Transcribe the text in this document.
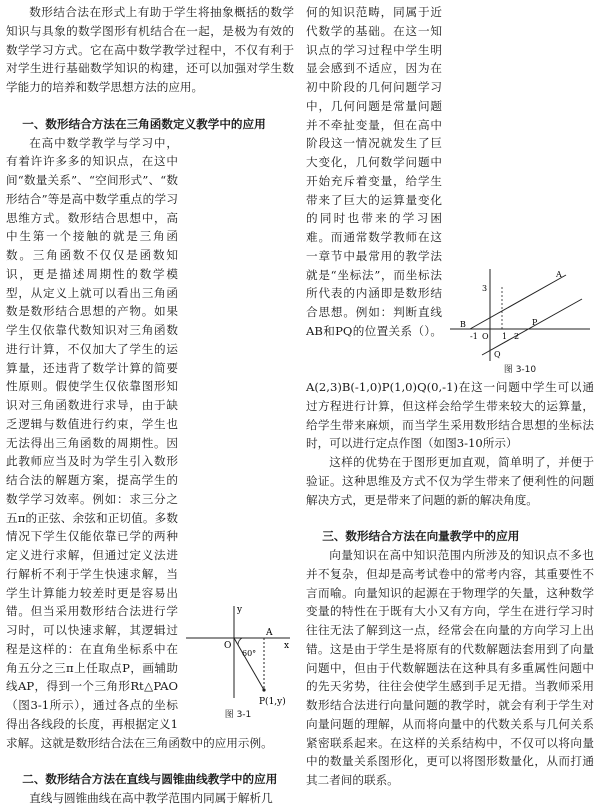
数形结合法在形式上有助于学生将抽象概括的数学知识与具象的数学图形有机结合在一起，是极为有效的数学学习方式。它在高中数学教学过程中，不仅有利于对学生进行基础数学知识的构建，还可以加强对学生数学能力的培养和数学思想方法的应用。

一、数形结合方法在三角函数定义教学中的应用
y
x
O
A
60°
P(1,y)
图 3-1

在高中数学教学与学习中，有着许许多多的知识点，在这中间“数量关系”、“空间形式”、“数形结合”等是高中数学重点的学习思维方式。数形结合思想中，高中生第一个接触的就是三角函数。三角函数不仅仅是函数知识，更是描述周期性的数学模型，从定义上就可以看出三角函数是数形结合思想的产物。如果学生仅依靠代数知识对三角函数进行计算，不仅加大了学生的运算量，还违背了数学计算的简要性原则。假使学生仅依靠图形知识对三角函数进行求导，由于缺乏逻辑与数值进行约束，学生也无法得出三角函数的周期性。因此教师应当及时为学生引入数形结合法的解题方案，提高学生的数学学习效率。例如：求三分之五π的正弦、余弦和正切值。多数情况下学生仅能依靠已学的两种定义进行求解，但通过定义法进行解析不利于学生快速求解，当学生计算能力较差时更是容易出错。但当采用数形结合法进行学习时，可以快速求解，其逻辑过程是这样的：在直角坐标系中在角五分之三π上任取点P，画辅助线AP，得到一个三角形Rt△PAO（图3-1所示），通过各点的坐标得出各线段的长度，再根据定义1求解。这就是数形结合法在三角函数中的应用示例。

二、数形结合方法在直线与圆锥曲线教学中的应用

直线与圆锥曲线在高中教学范围内同属于解析几

A
B	P
Q
O
3
1
-1	2
图 3-10

何的知识范畴，同属于近代数学的基础。在这一知识点的学习过程中学生明显会感到不适应，因为在初中阶段的几何问题学习中，几何问题是常量问题并不牵扯变量，但在高中阶段这一情况就发生了巨大变化，几何数学问题中开始充斥着变量，给学生带来了巨大的运算量变化的同时也带来的学习困难。而通常数学教师在这一章节中最常用的教学法就是“坐标法”，而坐标法所代表的内涵即是数形结合思想。例如：判断直线AB和PQ的位置关系（）。A(2,3)B(-1,0)P(1,0)Q(0,-1)在这一问题中学生可以通过方程进行计算，但这样会给学生带来较大的运算量，给学生带来麻烦，而当学生采用数形结合思想的坐标法时，可以进行定点作图（如图3-10所示）

这样的优势在于图形更加直观，简单明了，并便于验证。这种思维及方式不仅为学生带来了便利性的问题解决方式，更是带来了问题的新的解决角度。

三、数形结合方法在向量教学中的应用

向量知识在高中知识范围内所涉及的知识点不多也并不复杂，但却是高考试卷中的常考内容，其重要性不言而喻。向量知识的起源在于物理学的矢量，这种数学变量的特性在于既有大小又有方向，学生在进行学习时往往无法了解到这一点，经常会在向量的方向学习上出错。这是由于学生是将原有的代数解题法套用到了向量问题中，但由于代数解题法在这种具有多重属性问题中的先天劣势，往往会使学生感到手足无措。当教师采用数形结合法进行向量问题的教学时，就会有利于学生对向量问题的理解，从而将向量中的代数关系与几何关系紧密联系起来。在这样的关系结构中，不仅可以将向量中的数量关系图形化，更可以将图形数量化，从而打通其二者间的联系。
